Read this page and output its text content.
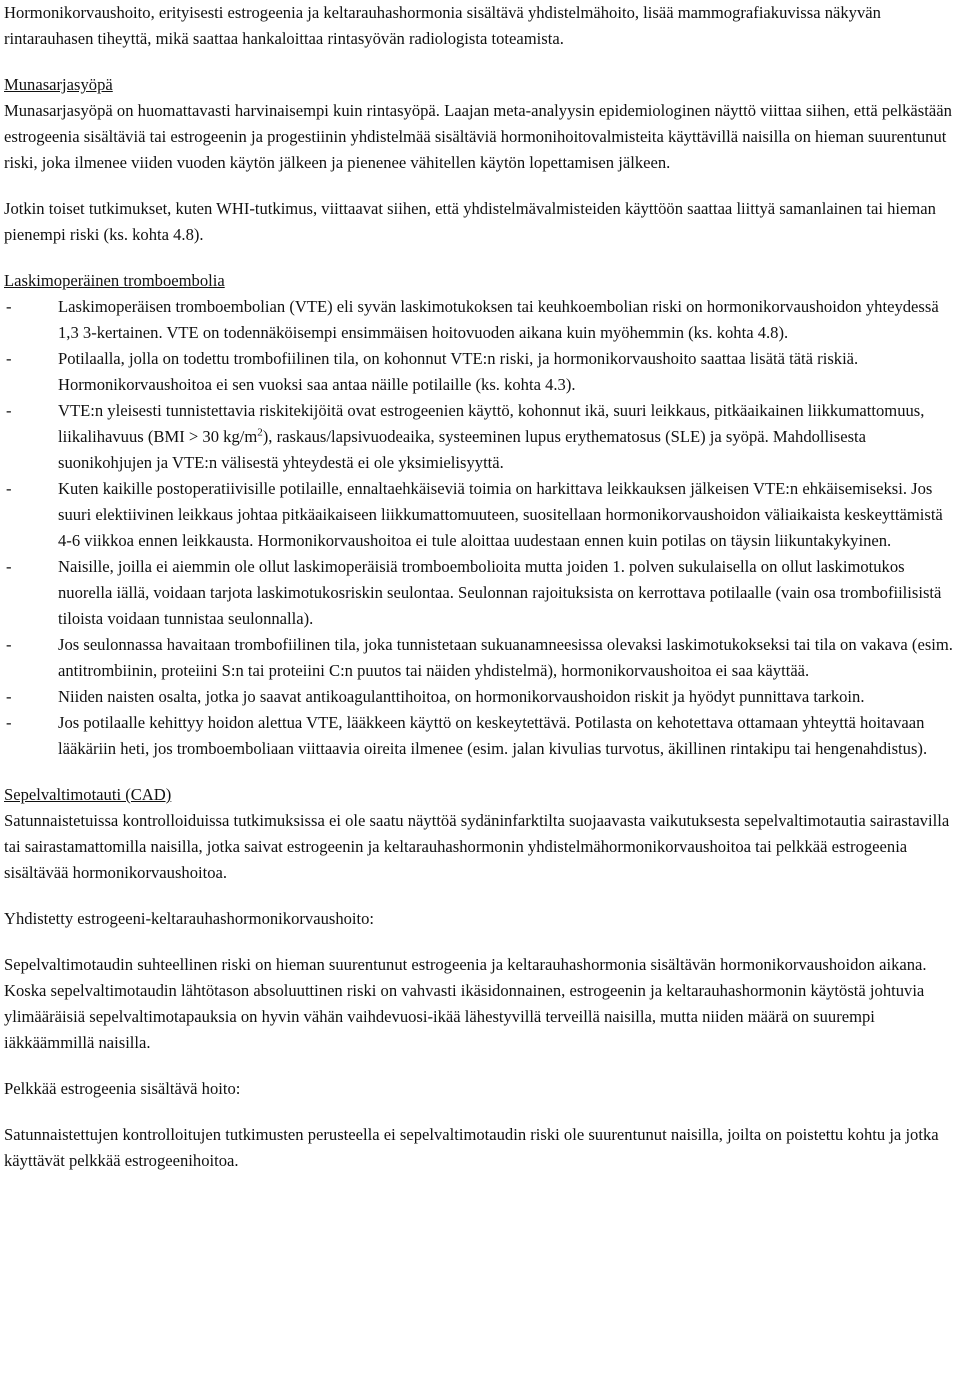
Hormonikorvaushoito, erityisesti estrogeenia ja keltarauhashormonia sisältävä yhdistelmähoito, lisää mammografiakuvissa näkyvän rintarauhasen tiheyttä, mikä saattaa hankaloittaa rintasyövän radiologista toteamista.

Munasarjasyöpä

Munasarjasyöpä on huomattavasti harvinaisempi kuin rintasyöpä. Laajan meta-analyysin epidemiologinen näyttö viittaa siihen, että pelkästään estrogeenia sisältäviä tai estrogeenin ja progestiinin yhdistelmää sisältäviä hormonihoitovalmisteita käyttävillä naisilla on hieman suurentunut riski, joka ilmenee viiden vuoden käytön jälkeen ja pienenee vähitellen käytön lopettamisen jälkeen.

Jotkin toiset tutkimukset, kuten WHI-tutkimus, viittaavat siihen, että yhdistelmävalmisteiden käyttöön saattaa liittyä samanlainen tai hieman pienempi riski (ks. kohta 4.8).

Laskimoperäinen tromboembolia

- Laskimoperäisen tromboembolian (VTE) eli syvän laskimotukoksen tai keuhkoembolian riski on hormonikorvaushoidon yhteydessä 1,3 3-kertainen. VTE on todennäköisempi ensimmäisen hoitovuoden aikana kuin myöhemmin (ks. kohta 4.8).
- Potilaalla, jolla on todettu trombofiilinen tila, on kohonnut VTE:n riski, ja hormonikorvaushoito saattaa lisätä tätä riskiä. Hormonikorvaushoitoa ei sen vuoksi saa antaa näille potilaille (ks. kohta 4.3).
- VTE:n yleisesti tunnistettavia riskitekijöitä ovat estrogeenien käyttö, kohonnut ikä, suuri leikkaus, pitkäaikainen liikkumattomuus, liikalihavuus (BMI > 30 $kg/m^2$), raskaus/lapsivuodeaika, systeeminen lupus erythematosus (SLE) ja syöpä. Mahdollisesta suonikohjujen ja VTE:n välisestä yhteydestä ei ole yksimielisyyttä.
- Kuten kaikille postoperatiivisille potilaille, ennaltaehkäiseviä toimia on harkittava leikkauksen jälkeisen VTE:n ehkäisemiseksi. Jos suuri elektiivinen leikkaus johtaa pitkäaikaiseen liikkumattomuuteen, suositellaan hormonikorvaushoidon väliaikaista keskeyttämistä 4-6 viikkoa ennen leikkausta. Hormonikorvaushoitoa ei tule aloittaa uudestaan ennen kuin potilas on täysin liikuntakykyinen.
- Naisille, joilla ei aiemmin ole ollut laskimoperäisiä tromboembolioita mutta joiden 1. polven sukulaisella on ollut laskimotukos nuorella iällä, voidaan tarjota laskimotukosriskin seulontaa. Seulonnan rajoituksista on kerrottava potilaalle (vain osa trombofiilisistä tiloista voidaan tunnistaa seulonnalla).
- Jos seulonnassa havaitaan trombofiilinen tila, joka tunnistetaan sukuanamneesissa olevaksi laskimotukokseksi tai tila on vakava (esim. antitrombiinin, proteiini S:n tai proteiini C:n puutos tai näiden yhdistelmä), hormonikorvaushoitoa ei saa käyttää.
- Niiden naisten osalta, jotka jo saavat antikoagulanttihoitoa, on hormonikorvaushoidon riskit ja hyödyt punnittava tarkoin.
- Jos potilaalle kehittyy hoidon alettua VTE, lääkkeen käyttö on keskeytettävä. Potilasta on kehotettava ottamaan yhteyttä hoitavaan lääkäriin heti, jos tromboemboliaan viittaavia oireita ilmenee (esim. jalan kivulias turvotus, äkillinen rintakipu tai hengenahdistus).

Sepelvaltimotauti (CAD)

Satunnaistetuissa kontrolloiduissa tutkimuksissa ei ole saatu näyttöä sydäninfarktilta suojaavasta vaikutuksesta sepelvaltimotautia sairastavilla tai sairastamattomilla naisilla, jotka saivat estrogeenin ja keltarauhashormonin yhdistelmähormonikorvaushoitoa tai pelkkää estrogeenia sisältävää hormonikorvaushoitoa.

Yhdistetty estrogeeni-keltarauhashormonikorvaushoito:

Sepelvaltimotaudin suhteellinen riski on hieman suurentunut estrogeenia ja keltarauhashormonia sisältävän hormonikorvaushoidon aikana. Koska sepelvaltimotaudin lähtötason absoluuttinen riski on vahvasti ikäsidonnainen, estrogeenin ja keltarauhashormonin käytöstä johtuvia ylimääräisiä sepelvaltimotapauksia on hyvin vähän vaihdevuosi-ikää lähestyvillä terveillä naisilla, mutta niiden määrä on suurempi iäkkäämmillä naisilla.

Pelkkää estrogeenia sisältävä hoito:

Satunnaistettujen kontrolloitujen tutkimusten perusteella ei sepelvaltimotaudin riski ole suurentunut naisilla, joilta on poistettu kohtu ja jotka käyttävät pelkkää estrogeenihoitoa.
